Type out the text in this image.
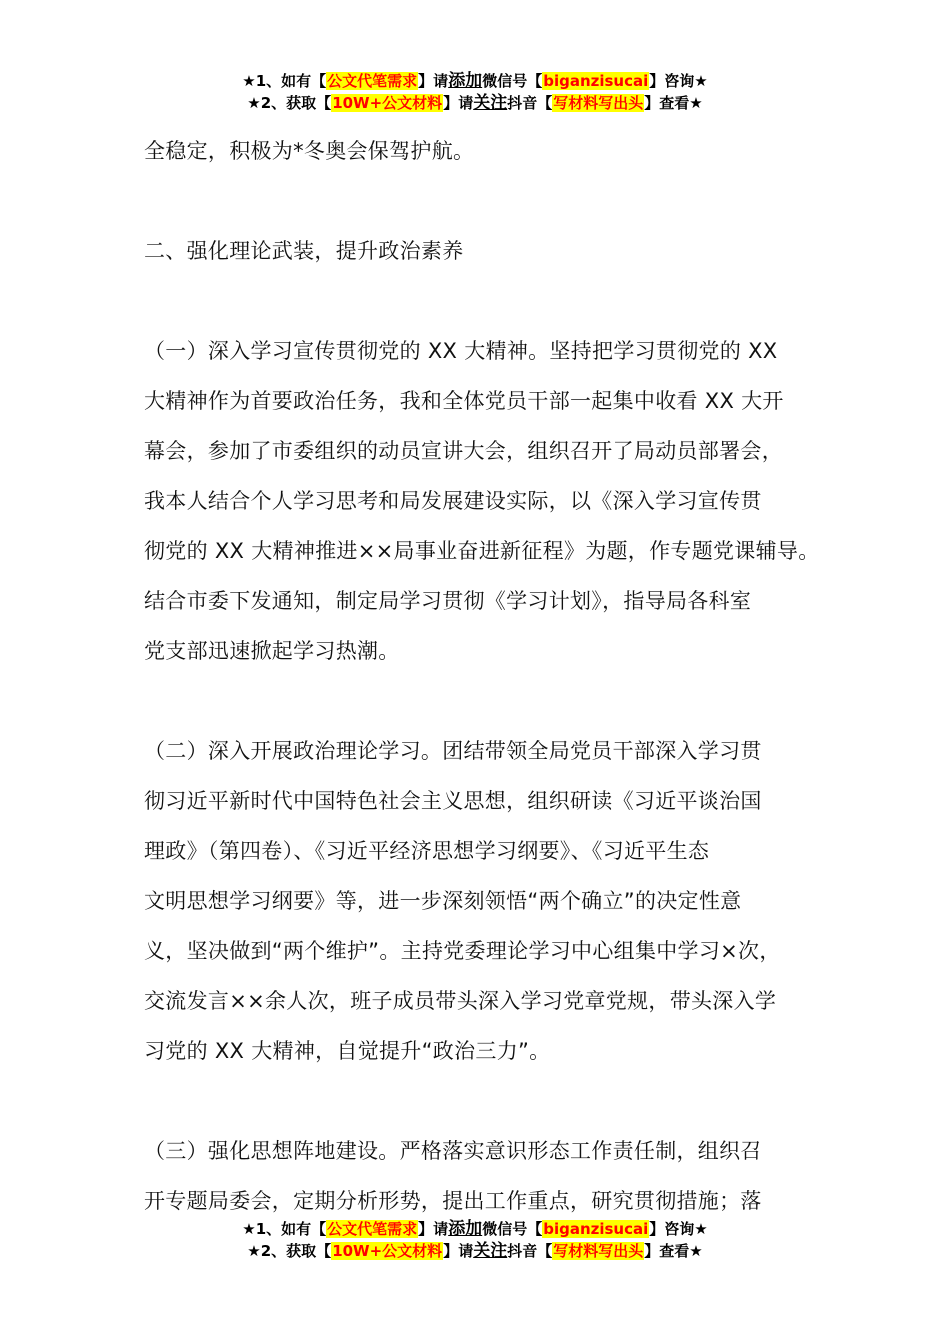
★1、如有【公文代笔需求】请添加微信号【biganzisucai】咨询★
★2、获取【10W+公文材料】请关注抖音【写材料写出头】查看★

全稳定，积极为*冬奥会保驾护航。

二、强化理论武装，提升政治素养

（一）深入学习宣传贯彻党的 XX 大精神。坚持把学习贯彻党的 XX

大精神作为首要政治任务，我和全体党员干部一起集中收看 XX 大开

幕会，参加了市委组织的动员宣讲大会，组织召开了局动员部署会，

我本人结合个人学习思考和局发展建设实际，以《深入学习宣传贯

彻党的 XX 大精神推进××局事业奋进新征程》为题，作专题党课辅导。

结合市委下发通知，制定局学习贯彻《学习计划》，指导局各科室

党支部迅速掀起学习热潮。

（二）深入开展政治理论学习。团结带领全局党员干部深入学习贯

彻习近平新时代中国特色社会主义思想，组织研读《习近平谈治国

理政》（第四卷）、《习近平经济思想学习纲要》、《习近平生态

文明思想学习纲要》等，进一步深刻领悟“两个确立”的决定性意

义，坚决做到“两个维护”。主持党委理论学习中心组集中学习×次，

交流发言××余人次，班子成员带头深入学习党章党规，带头深入学

习党的 XX 大精神，自觉提升“政治三力”。

（三）强化思想阵地建设。严格落实意识形态工作责任制，组织召

开专题局委会，定期分析形势，提出工作重点，研究贯彻措施；落

★1、如有【公文代笔需求】请添加微信号【biganzisucai】咨询★
★2、获取【10W+公文材料】请关注抖音【写材料写出头】查看★
